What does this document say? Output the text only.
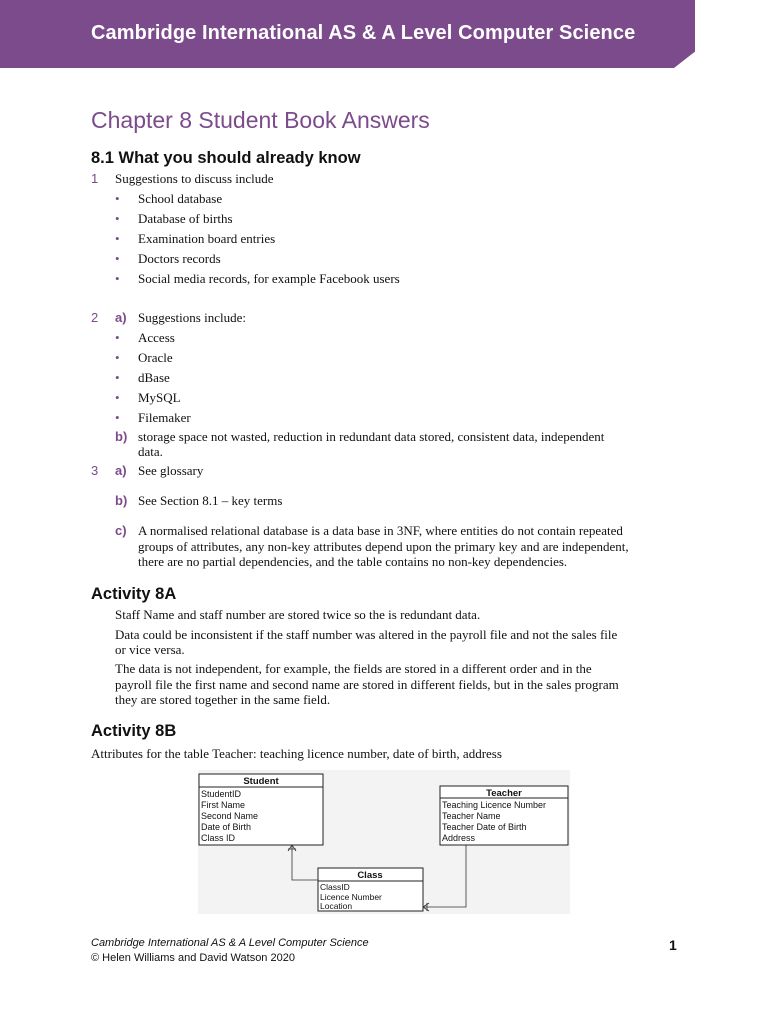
Cambridge International AS & A Level Computer Science
Chapter 8 Student Book Answers
8.1 What you should already know
1 Suggestions to discuss include
• School database
• Database of births
• Examination board entries
• Doctors records
• Social media records, for example Facebook users
2 a) Suggestions include:
• Access
• Oracle
• dBase
• MySQL
• Filemaker
b) storage space not wasted, reduction in redundant data stored, consistent data, independent
data.
3 a) See glossary
b) See Section 8.1 – key terms
c) A normalised relational database is a data base in 3NF, where entities do not contain repeated
groups of attributes, any non-key attributes depend upon the primary key and are independent,
there are no partial dependencies, and the table contains no non-key dependencies.
Activity 8A
Staff Name and staff number are stored twice so the is redundant data.
Data could be inconsistent if the staff number was altered in the payroll file and not the sales file
or vice versa.
The data is not independent, for example, the fields are stored in a different order and in the
payroll file the first name and second name are stored in different fields, but in the sales program
they are stored together in the same field.
Activity 8B
Attributes for the table Teacher: teaching licence number, date of birth, address
Student
StudentID
First Name
Second Name
Date of Birth
Class ID
Teacher
Teaching Licence Number
Teacher Name
Teacher Date of Birth
Address
Class
ClassID
Licence Number
Location
Cambridge International AS & A Level Computer Science
© Helen Williams and David Watson 2020
1
